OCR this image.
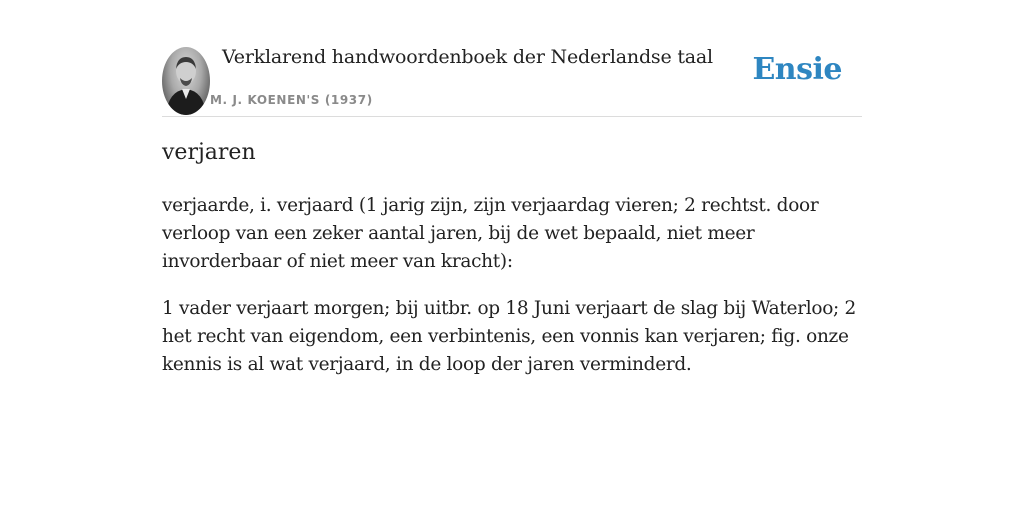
Verklarend handwoordenboek der Nederlandse taal
M. J. KOENEN'S (1937)
Ensie
verjaren

verjaarde, i. verjaard (1 jarig zijn, zijn verjaardag vieren; 2 rechtst. door verloop van een zeker aantal jaren, bij de wet bepaald, niet meer invorderbaar of niet meer van kracht):

1 vader verjaart morgen; bij uitbr. op 18 Juni verjaart de slag bij Waterloo; 2 het recht van eigendom, een verbintenis, een vonnis kan verjaren; fig. onze kennis is al wat verjaard, in de loop der jaren verminderd.
